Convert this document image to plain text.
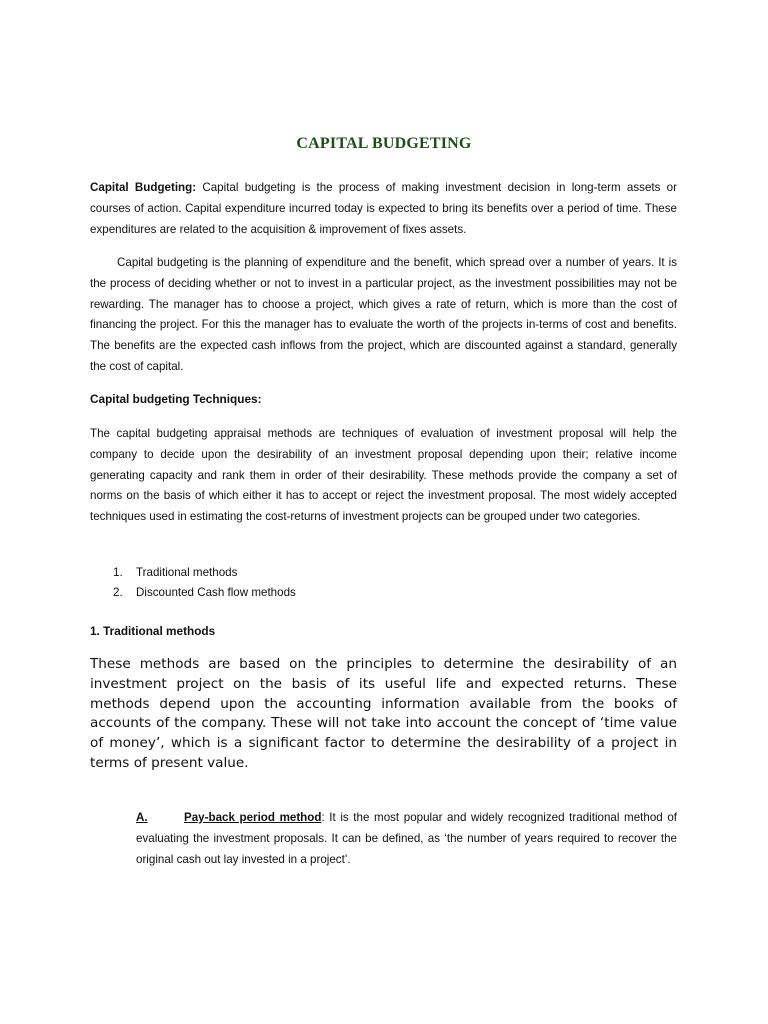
CAPITAL BUDGETING

Capital Budgeting: Capital budgeting is the process of making investment decision in long-term assets or courses of action. Capital expenditure incurred today is expected to bring its benefits over a period of time. These expenditures are related to the acquisition & improvement of fixes assets.

Capital budgeting is the planning of expenditure and the benefit, which spread over a number of years. It is the process of deciding whether or not to invest in a particular project, as the investment possibilities may not be rewarding. The manager has to choose a project, which gives a rate of return, which is more than the cost of financing the project. For this the manager has to evaluate the worth of the projects in-terms of cost and benefits. The benefits are the expected cash inflows from the project, which are discounted against a standard, generally the cost of capital.

Capital budgeting Techniques:

The capital budgeting appraisal methods are techniques of evaluation of investment proposal will help the company to decide upon the desirability of an investment proposal depending upon their; relative income generating capacity and rank them in order of their desirability. These methods provide the company a set of norms on the basis of which either it has to accept or reject the investment proposal. The most widely accepted techniques used in estimating the cost-returns of investment projects can be grouped under two categories.

1. Traditional methods
2. Discounted Cash flow methods
1. Traditional methods

These methods are based on the principles to determine the desirability of an investment project on the basis of its useful life and expected returns. These methods depend upon the accounting information available from the books of accounts of the company. These will not take into account the concept of ‘time value of money’, which is a significant factor to determine the desirability of a project in terms of present value.

A.	Pay-back period method: It is the most popular and widely recognized traditional method of evaluating the investment proposals. It can be defined, as ‘the number of years required to recover the original cash out lay invested in a project’.
